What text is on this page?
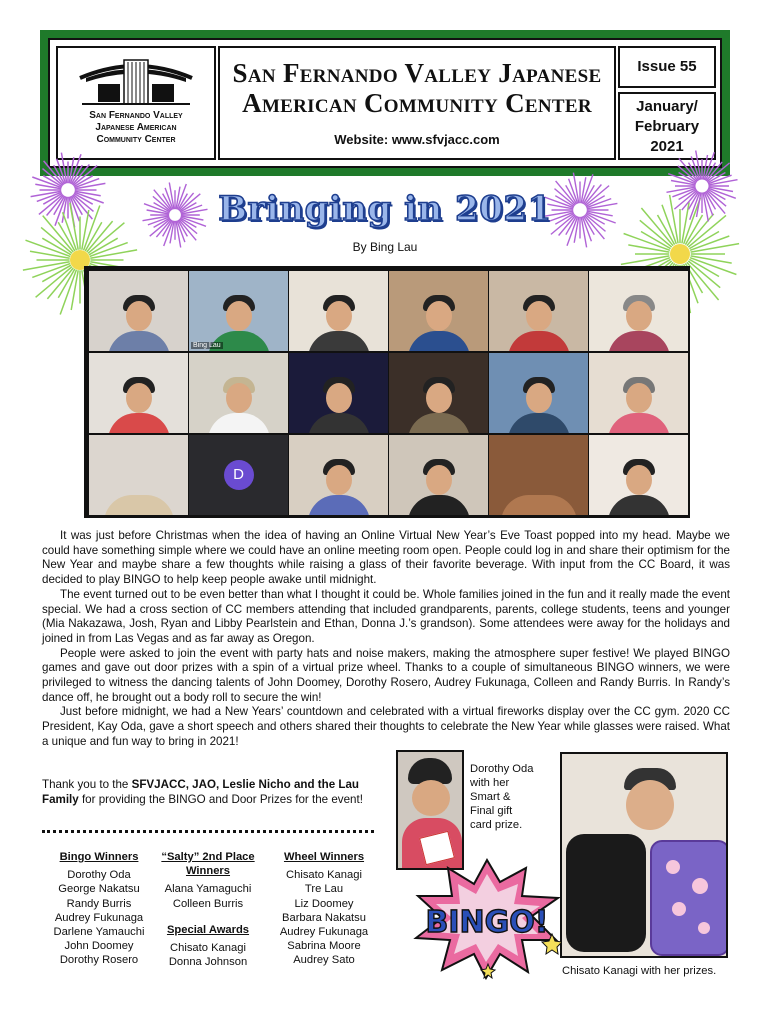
San Fernando Valley
Japanese American
Community Center
San Fernando Valley Japanese
American Community Center
Website: www.sfvjacc.com
Issue 55
January/
February
2021
Bringing in 2021
By Bing Lau
Bing Lau
D

It was just before Christmas when the idea of having an Online Virtual New Year’s Eve Toast popped into my head. Maybe we could have something simple where we could have an online meeting room open. People could log in and share their optimism for the New Year and maybe share a few thoughts while raising a glass of their favorite beverage. With input from the CC Board, it was decided to play BINGO to help keep people awake until midnight.

The event turned out to be even better than what I thought it could be. Whole families joined in the fun and it really made the event special. We had a cross section of CC members attending that included grandparents, parents, college students, teens and younger (Mia Nakazawa, Josh, Ryan and Libby Pearlstein and Ethan, Donna J.’s grandson). Some attendees were away for the holidays and joined in from Las Vegas and as far away as Oregon.

People were asked to join the event with party hats and noise makers, making the atmosphere super festive! We played BINGO games and gave out door prizes with a spin of a virtual prize wheel. Thanks to a couple of simultaneous BINGO winners, we were privileged to witness the dancing talents of John Doomey, Dorothy Rosero, Audrey Fukunaga, Colleen and Randy Burris. In Randy’s dance off, he brought out a body roll to secure the win!

Just before midnight, we had a New Years’ countdown and celebrated with a virtual fireworks display over the CC gym. 2020 CC President, Kay Oda, gave a short speech and others shared their thoughts to celebrate the New Year while glasses were raised. What a unique and fun way to bring in 2021!

Thank you to the SFVJACC, JAO, Leslie Nicho and the Lau Family for providing the BINGO and Door Prizes for the event!
Bingo Winners
Dorothy Oda
George Nakatsu
Randy Burris
Audrey Fukunaga
Darlene Yamauchi
John Doomey
Dorothy Rosero
“Salty” 2nd Place
Winners
Alana Yamaguchi
Colleen Burris
Special Awards
Chisato Kanagi
Donna Johnson
Wheel Winners
Chisato Kanagi
Tre Lau
Liz Doomey
Barbara Nakatsu
Audrey Fukunaga
Sabrina Moore
Audrey Sato
Dorothy Oda
with her
Smart &
Final gift
card prize.
Chisato Kanagi with her prizes.
BINGO!
